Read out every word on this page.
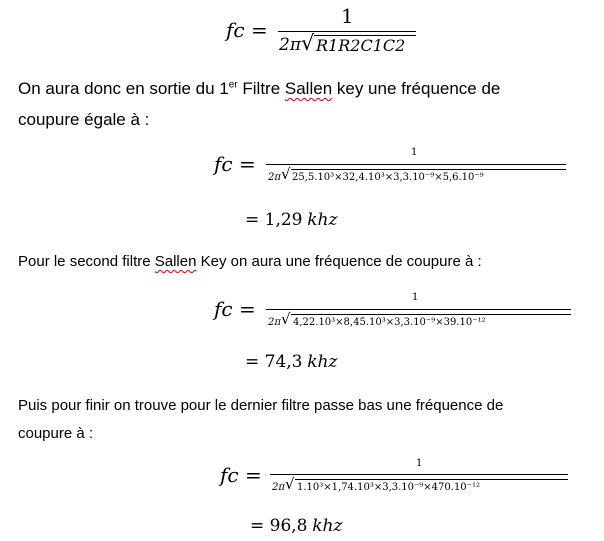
fc =
1
2π √ R1R2C1C2
On aura donc en sortie du 1er Filtre Sallen key une fréquence de
coupure égale à :
fc =	1
2π √ 25,5.10³×32,4.10³×3,3.10⁻⁹×5,6.10⁻⁹
= 1,29 khz
Pour le second filtre Sallen Key on aura une fréquence de coupure à :
fc =	1
2π √ 4,22.10³×8,45.10³×3,3.10⁻⁹×39.10⁻¹²
= 74,3 khz
Puis pour finir on trouve pour le dernier filtre passe bas une fréquence de
coupure à :
fc =	1
2π √ 1.10³×1,74.10³×3,3.10⁻⁹×470.10⁻¹²
= 96,8 khz
